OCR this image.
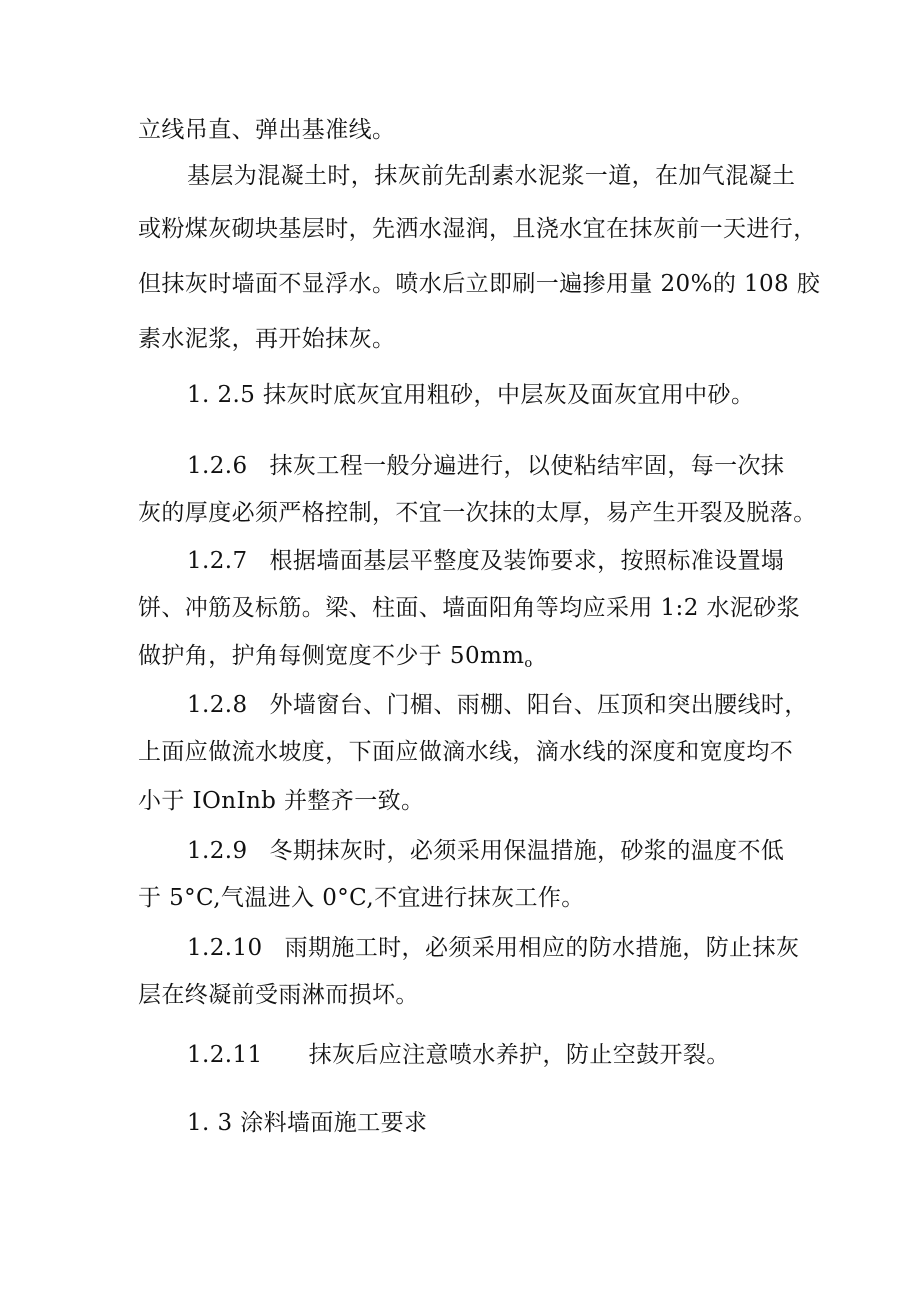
立线吊直、弹出基准线。
基层为混凝土时，抹灰前先刮素水泥浆一道，在加气混凝土
或粉煤灰砌块基层时，先洒水湿润，且浇水宜在抹灰前一天进行，
但抹灰时墙面不显浮水。喷水后立即刷一遍掺用量 20%的 108 胶
素水泥浆，再开始抹灰。
1. 2.5 抹灰时底灰宜用粗砂，中层灰及面灰宜用中砂。
1.2.6 抹灰工程一般分遍进行，以使粘结牢固，每一次抹
灰的厚度必须严格控制，不宜一次抹的太厚，易产生开裂及脱落。
1.2.7 根据墙面基层平整度及装饰要求，按照标准设置塌
饼、冲筋及标筋。梁、柱面、墙面阳角等均应采用 1:2 水泥砂浆
做护角，护角每侧宽度不少于 $50mm_o$
1.2.8 外墙窗台、门楣、雨棚、阳台、压顶和突出腰线时，
上面应做流水坡度，下面应做滴水线，滴水线的深度和宽度均不
小于 IOnInb 并整齐一致。
1.2.9 冬期抹灰时，必须采用保温措施，砂浆的温度不低
于 5°C,气温进入 0°C,不宜进行抹灰工作。
1.2.10 雨期施工时，必须采用相应的防水措施，防止抹灰
层在终凝前受雨淋而损坏。
1.2.11 抹灰后应注意喷水养护，防止空鼓开裂。
1. 3 涂料墙面施工要求
